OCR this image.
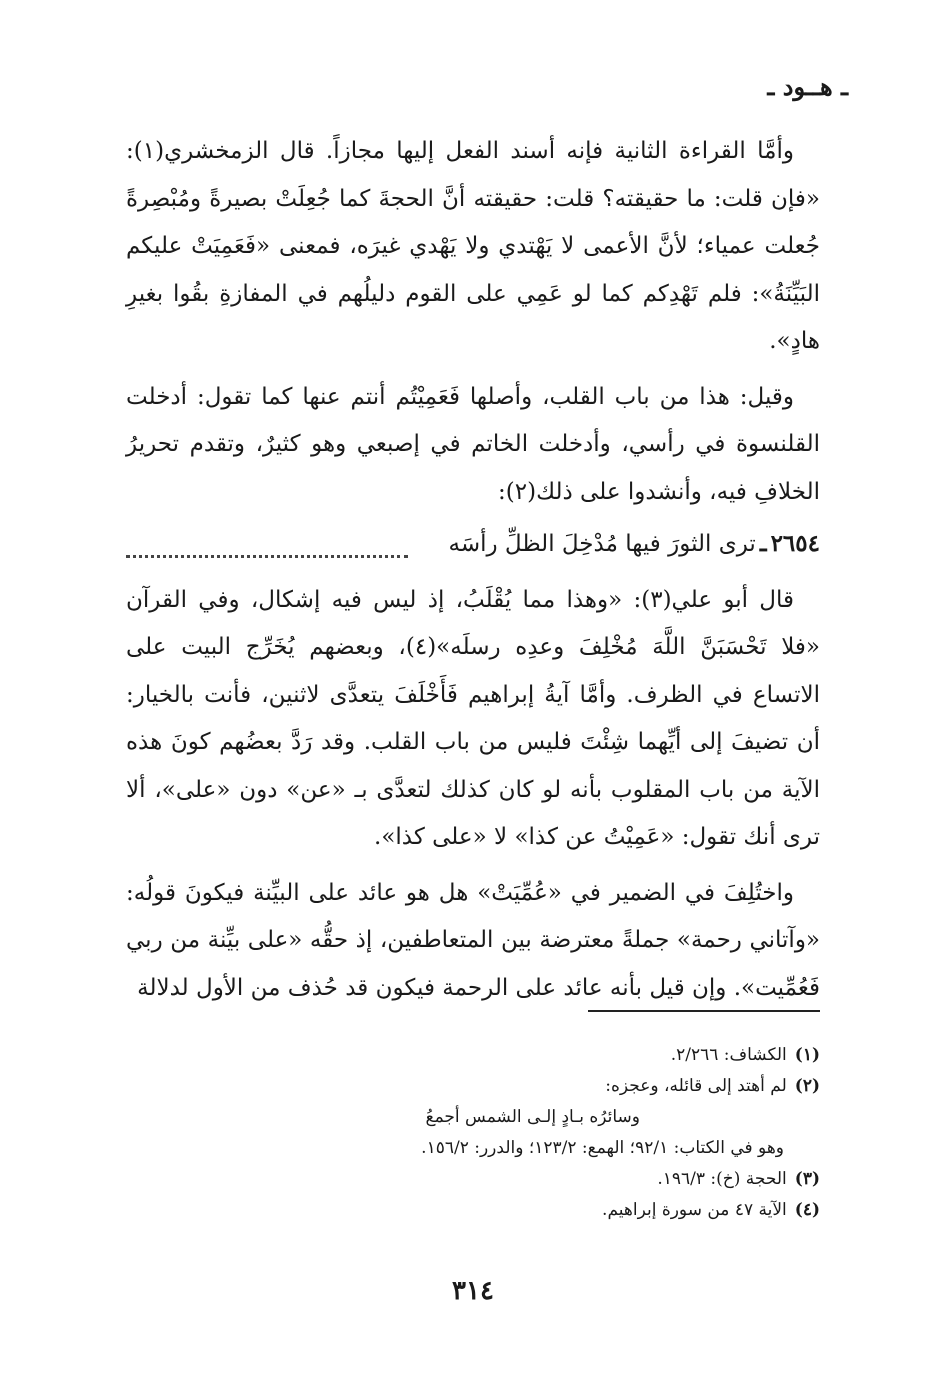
ـ هــود ـ

وأمَّا القراءة الثانية فإنه أسند الفعل إليها مجازاً. قال الزمخشري(١): «فإن قلت: ما حقيقته؟ قلت: حقيقته أنَّ الحجةَ كما جُعِلَتْ بصيرةً ومُبْصِرةً جُعلت عمياء؛ لأنَّ الأعمى لا يَهْتدي ولا يَهْدي غيرَه، فمعنى «فَعَمِيَتْ عليكم البَيِّنَةُ»: فلم تَهْدِكم كما لو عَمِي على القوم دليلُهم في المفازةِ بقُوا بغيرِ هادٍ».

وقيل: هذا من باب القلب، وأصلها فَعَمِيْتُم أنتم عنها كما تقول: أدخلت القلنسوة في رأسي، وأدخلت الخاتم في إصبعي وهو كثيرٌ، وتقدم تحريرُ الخلافِ فيه، وأنشدوا على ذلك(٢):

٢٦٥٤
ـ
ترى الثورَ فيها مُدْخِلَ الظلِّ رأسَه

قال أبو علي(٣): «وهذا مما يُقْلَبُ، إذ ليس فيه إشكال، وفي القرآن «فلا تَحْسَبَنَّ اللَّهَ مُخْلِفَ وعدِه رسلَه»(٤)، وبعضهم يُخَرِّج البيت على الاتساع في الظرف. وأمَّا آيةُ إبراهيم فَأَخْلَفَ يتعدَّى لاثنين، فأنت بالخيار: أن تضيفَ إلى أيِّهما شِئْتَ فليس من باب القلب. وقد رَدَّ بعضُهم كونَ هذه الآية من باب المقلوب بأنه لو كان كذلك لتعدَّى بـ «عن» دون «على»، ألا ترى أنك تقول: «عَمِيْتُ عن كذا» لا «على كذا».

واختُلِفَ في الضمير في «عُمِّيَتْ» هل هو عائد على البيِّنة فيكونَ قولُه: «وآتاني رحمة» جملةً معترضة بين المتعاطفين، إذ حقُّه «على بيِّنة من ربي فَعُمِّيت». وإن قيل بأنه عائد على الرحمة فيكون قد حُذف من الأول لدلالة

(١)الكشاف: ٢/٢٦٦.
(٢)لم أهتد إلى قائله، وعجزه:
وسائرُه بـادٍ إلـى الشمس أجمعُ
وهو في الكتاب: ٩٢/١؛ الهمع: ١٢٣/٢؛ والدرر: ١٥٦/٢.
(٣)الحجة (خ): ١٩٦/٣.
(٤)الآية ٤٧ من سورة إبراهيم.
٣١٤
